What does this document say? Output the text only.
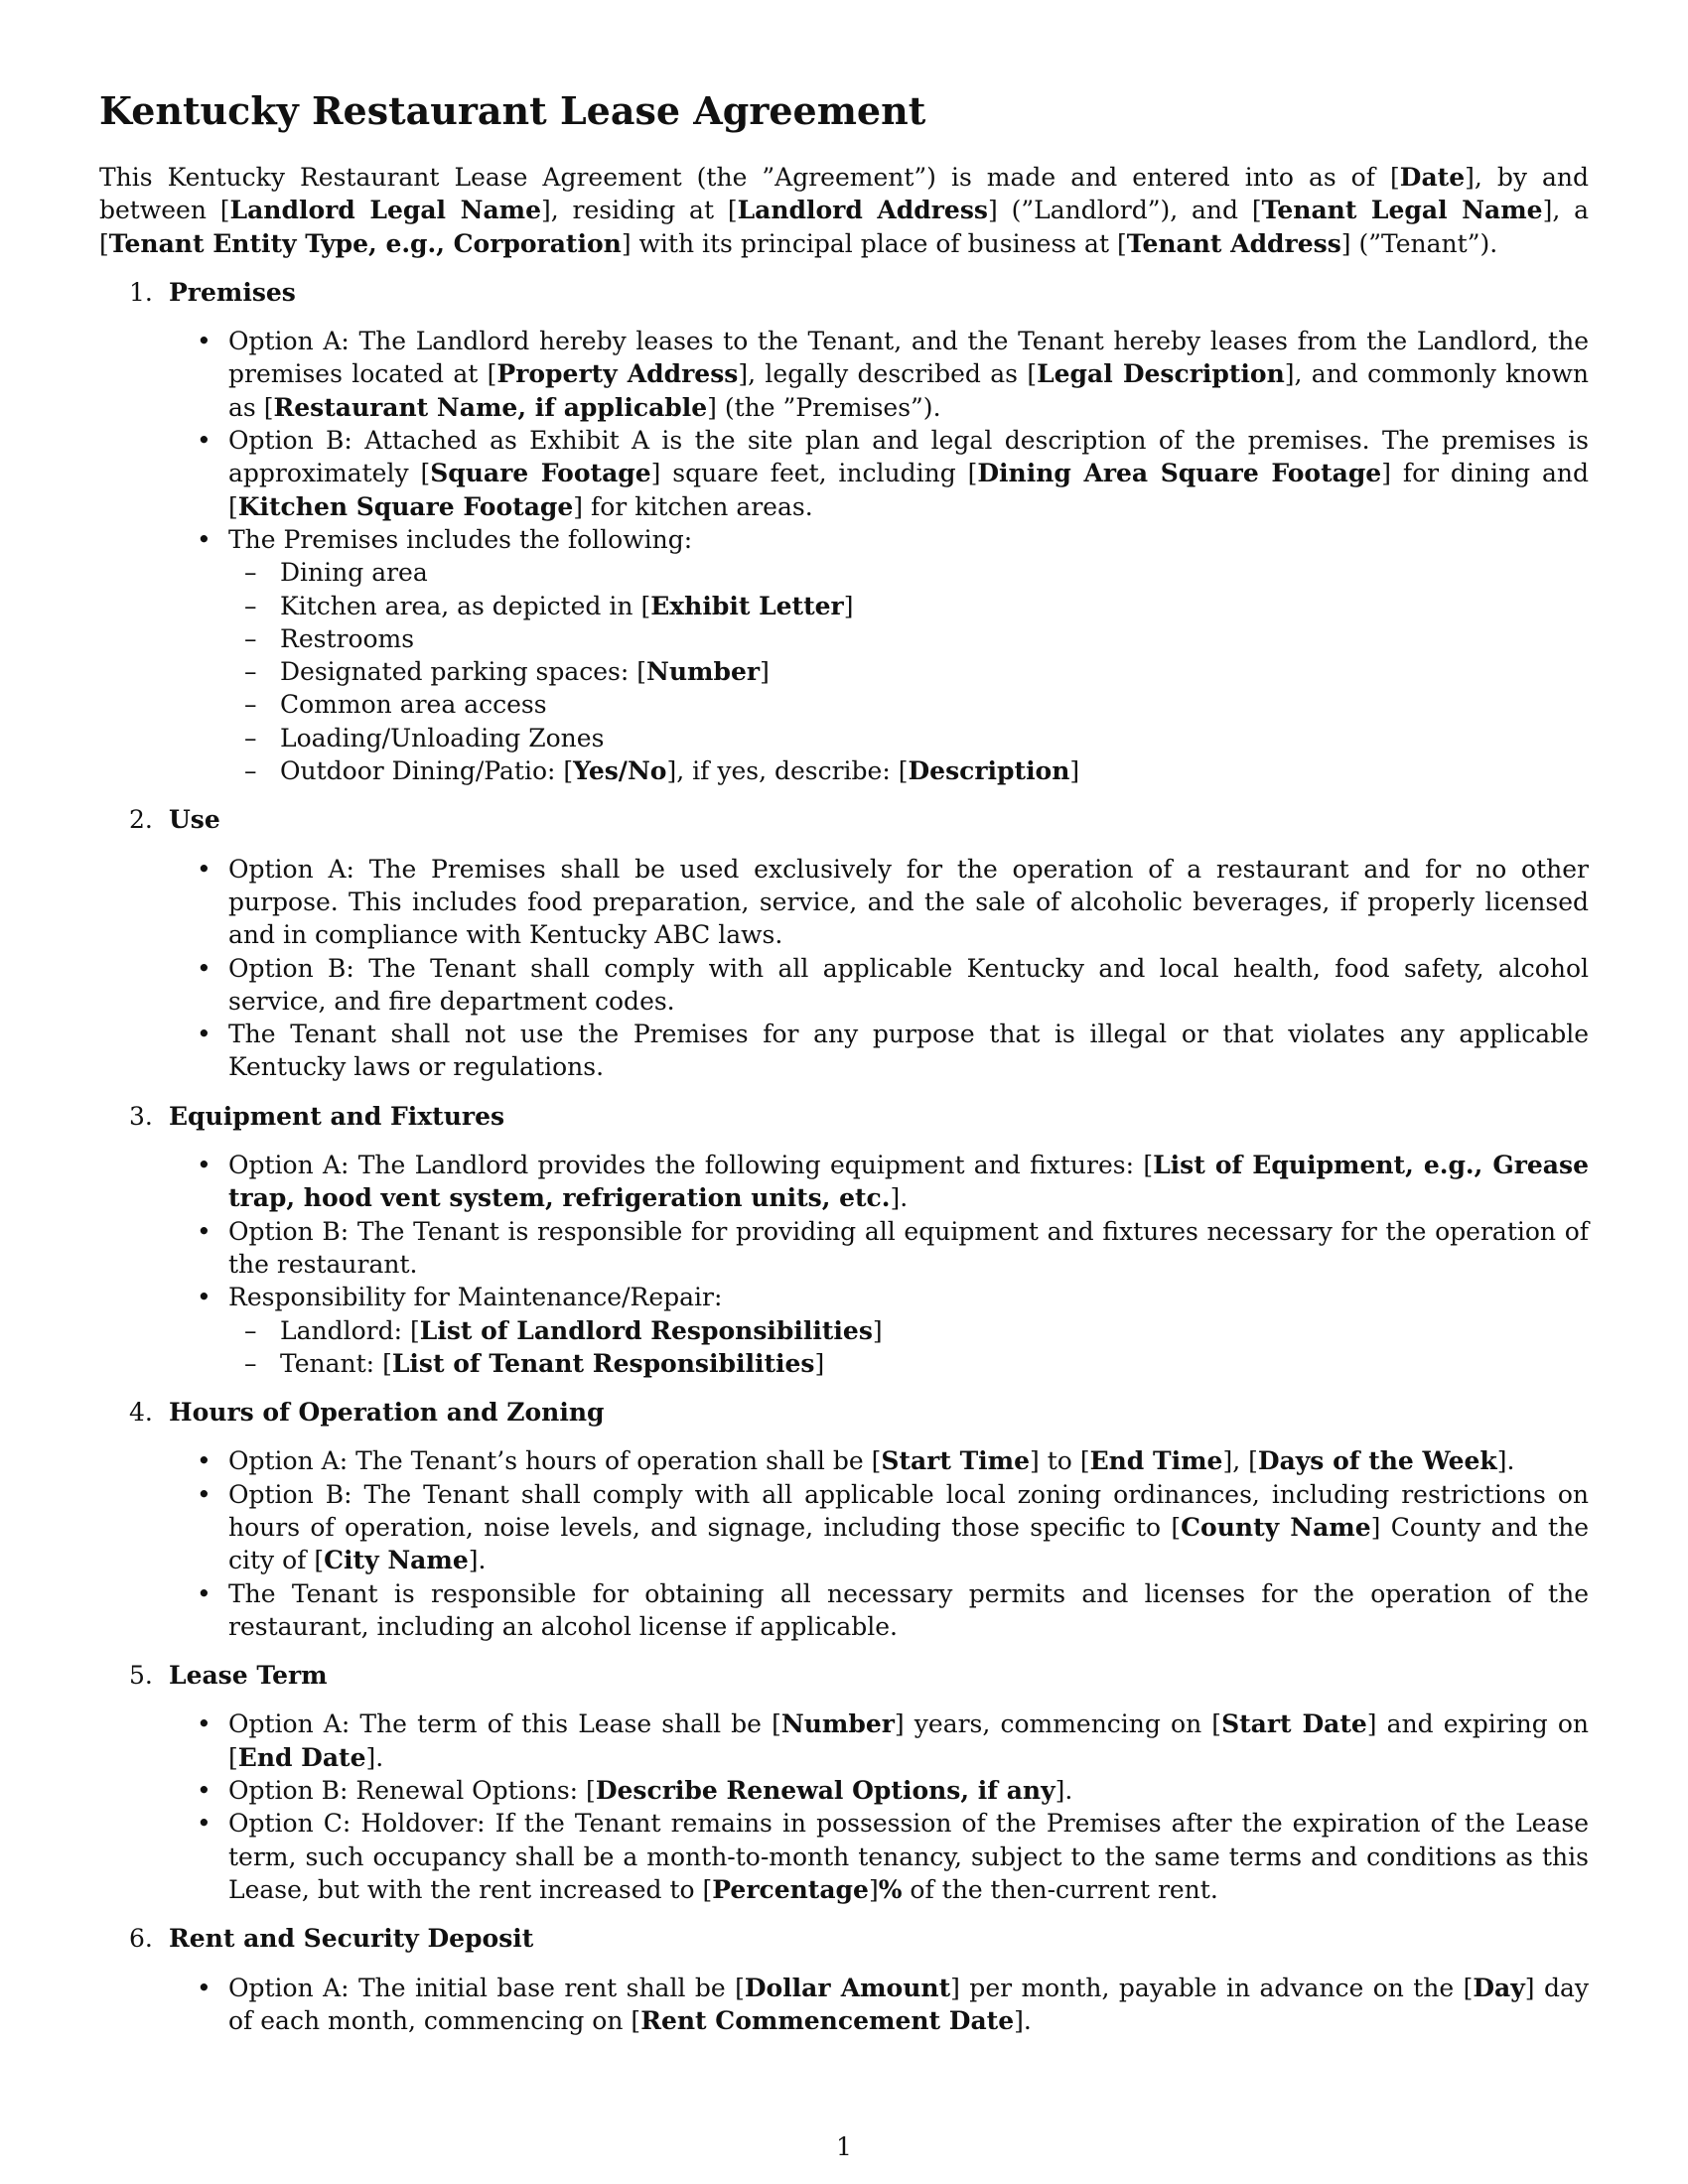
Kentucky Restaurant Lease Agreement

This Kentucky Restaurant Lease Agreement (the ”Agreement”) is made and entered into as of [Date], by and between [Landlord Legal Name], residing at [Landlord Address] (”Landlord”), and [Tenant Legal Name], a [Tenant Entity Type, e.g., Corporation] with its principal place of business at [Tenant Address] (”Tenant”).

1. Premises
• Option A: The Landlord hereby leases to the Tenant, and the Tenant hereby leases from the Landlord, the premises located at [Property Address], legally described as [Legal Description], and commonly known as [Restaurant Name, if applicable] (the ”Premises”).
• Option B: Attached as Exhibit A is the site plan and legal description of the premises. The premises is approximately [Square Footage] square feet, including [Dining Area Square Footage] for dining and [Kitchen Square Footage] for kitchen areas.
• The Premises includes the following:
– Dining area
– Kitchen area, as depicted in [Exhibit Letter]
– Restrooms
– Designated parking spaces: [Number]
– Common area access
– Loading/Unloading Zones
– Outdoor Dining/Patio: [Yes/No], if yes, describe: [Description]
2. Use
• Option A: The Premises shall be used exclusively for the operation of a restaurant and for no other purpose. This includes food preparation, service, and the sale of alcoholic beverages, if properly licensed and in compliance with Kentucky ABC laws.
• Option B: The Tenant shall comply with all applicable Kentucky and local health, food safety, alcohol service, and fire department codes.
• The Tenant shall not use the Premises for any purpose that is illegal or that violates any applicable Kentucky laws or regulations.
3. Equipment and Fixtures
• Option A: The Landlord provides the following equipment and fixtures: [List of Equipment, e.g., Grease trap, hood vent system, refrigeration units, etc.].
• Option B: The Tenant is responsible for providing all equipment and fixtures necessary for the operation of the restaurant.
• Responsibility for Maintenance/Repair:
– Landlord: [List of Landlord Responsibilities]
– Tenant: [List of Tenant Responsibilities]
4. Hours of Operation and Zoning
• Option A: The Tenant’s hours of operation shall be [Start Time] to [End Time], [Days of the Week].
• Option B: The Tenant shall comply with all applicable local zoning ordinances, including restrictions on hours of operation, noise levels, and signage, including those specific to [County Name] County and the city of [City Name].
• The Tenant is responsible for obtaining all necessary permits and licenses for the operation of the restaurant, including an alcohol license if applicable.
5. Lease Term
• Option A: The term of this Lease shall be [Number] years, commencing on [Start Date] and expiring on [End Date].
• Option B: Renewal Options: [Describe Renewal Options, if any].
• Option C: Holdover: If the Tenant remains in possession of the Premises after the expiration of the Lease term, such occupancy shall be a month-to-month tenancy, subject to the same terms and conditions as this Lease, but with the rent increased to [Percentage]% of the then-current rent.
6. Rent and Security Deposit
• Option A: The initial base rent shall be [Dollar Amount] per month, payable in advance on the [Day] day of each month, commencing on [Rent Commencement Date].
1
